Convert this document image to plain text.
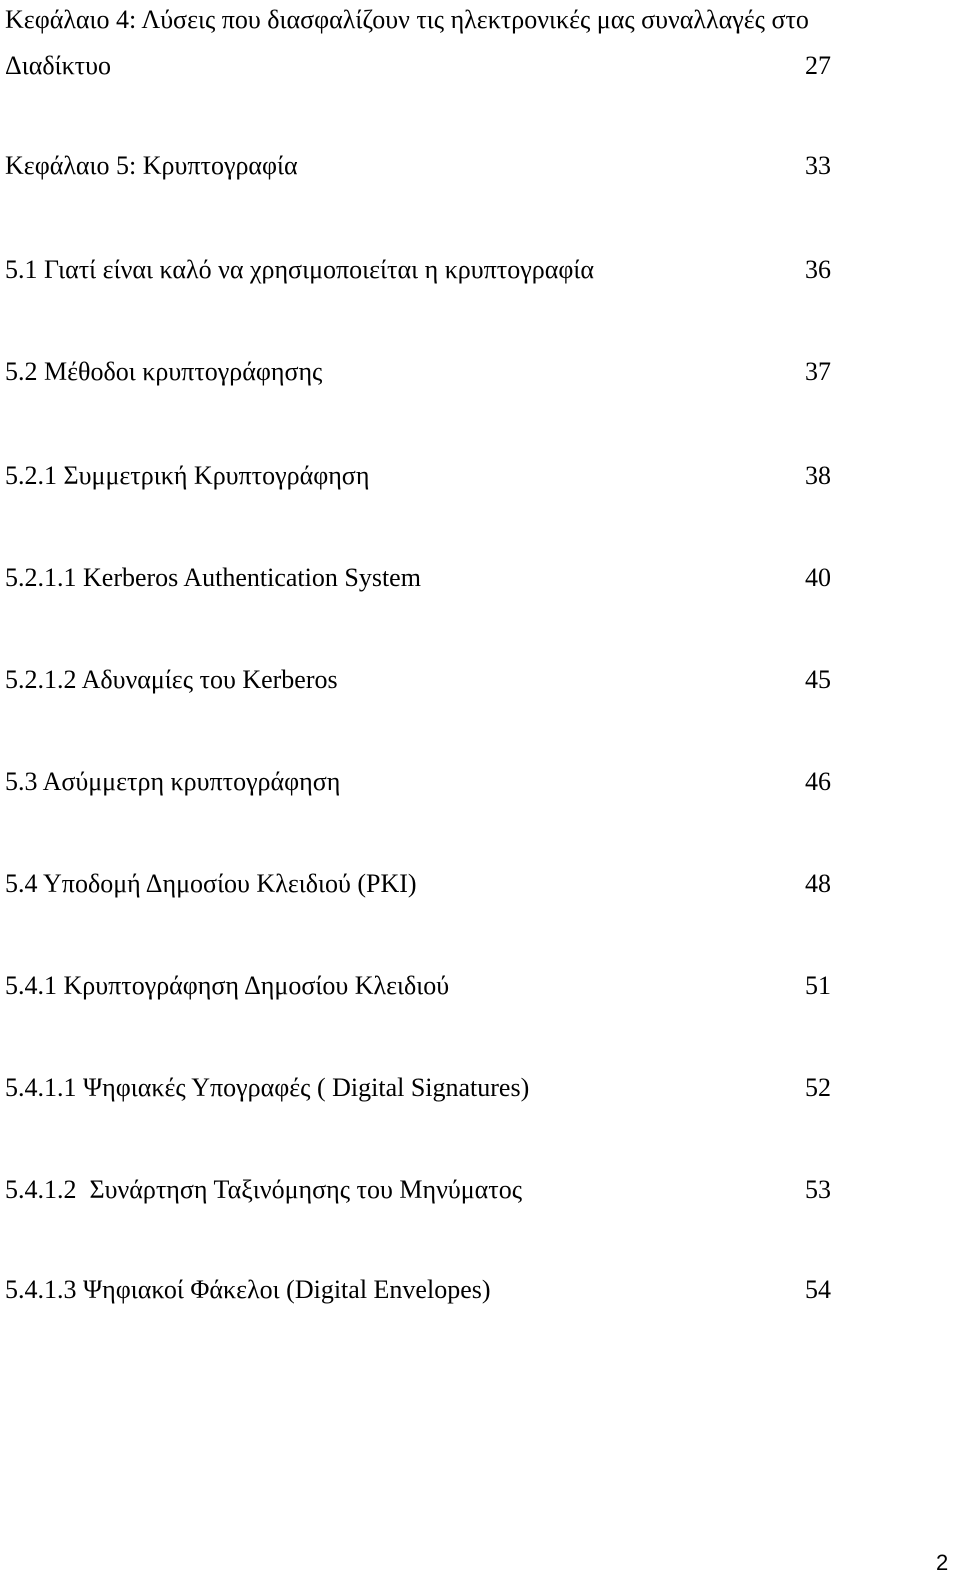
Κεφάλαιο 4: Λύσεις που διασφαλίζουν τις ηλεκτρονικές μας συναλλαγές στο
Διαδίκτυο	27
Κεφάλαιο 5: Κρυπτογραφία	33
5.1 Γιατί είναι καλό να χρησιμοποιείται η κρυπτογραφία	36
5.2 Μέθοδοι κρυπτογράφησης	37
5.2.1 Συμμετρική Κρυπτογράφηση	38
5.2.1.1 Kerberos Authentication System	40
5.2.1.2 Αδυναμίες του Kerberos	45
5.3 Ασύμμετρη κρυπτογράφηση	46
5.4 Υποδομή Δημοσίου Κλειδιού (PKI)	48
5.4.1 Κρυπτογράφηση Δημοσίου Κλειδιού	51
5.4.1.1 Ψηφιακές Υπογραφές ( Digital Signatures)	52
5.4.1.2  Συνάρτηση Ταξινόμησης του Μηνύματος	53
5.4.1.3 Ψηφιακοί Φάκελοι (Digital Envelopes)	54
2
